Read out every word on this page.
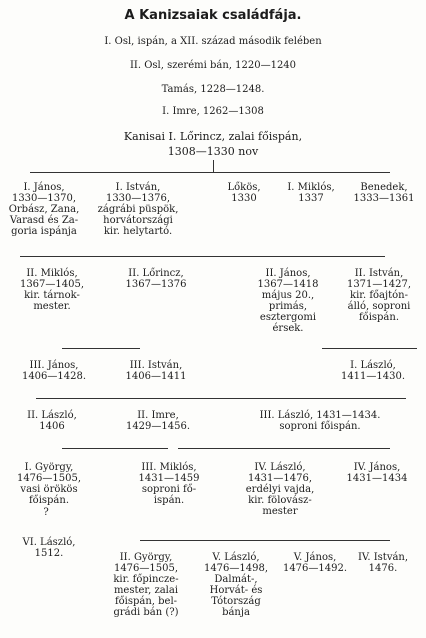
A Kanizsaiak családfája.
I. Osl, ispán, a XII. század második felében
II. Osl, szerémi bán, 1220—1240
Tamás, 1228—1248.
I. Imre, 1262—1308
Kanisai I. Lőrincz, zalai főispán,
1308—1330 nov
I. János,
1330—1370,
Orbász, Zana,
Varasd és Za-
goria ispánja
I. István,
1330—1376,
zágrábi püspök,
horvátországi
kir. helytartó.
Lőkös,
1330
I. Miklós,
1337
Benedek,
1333—1361
II. Miklós,
1367—1405,
kir. tárnok-
mester.
II. Lőrincz,
1367—1376
II. János,
1367—1418
május 20.,
primás,
esztergomi
érsek.
II. István,
1371—1427,
kir. főajtón-
álló, soproni
főispán.
III. János,
1406—1428.
III. István,
1406—1411
I. László,
1411—1430.
II. László,
1406
II. Imre,
1429—1456.
III. László, 1431—1434.
soproni főispán.
I. György,
1476—1505,
vasi örökös
főispán.
?
III. Miklós,
1431—1459
soproni fő-
ispán.
IV. László,
1431—1476,
erdélyi vajda,
kir. fölovász-
mester
IV. János,
1431—1434
VI. László,
1512.	II. György,
1476—1505,
kir. főpincze-
mester, zalai
főispán, bel-
grádi bán (?)
V. László,
1476—1498,
Dalmát-,
Horvát- és
Tótország
bánja
V. János,
1476—1492.
IV. István,
1476.
